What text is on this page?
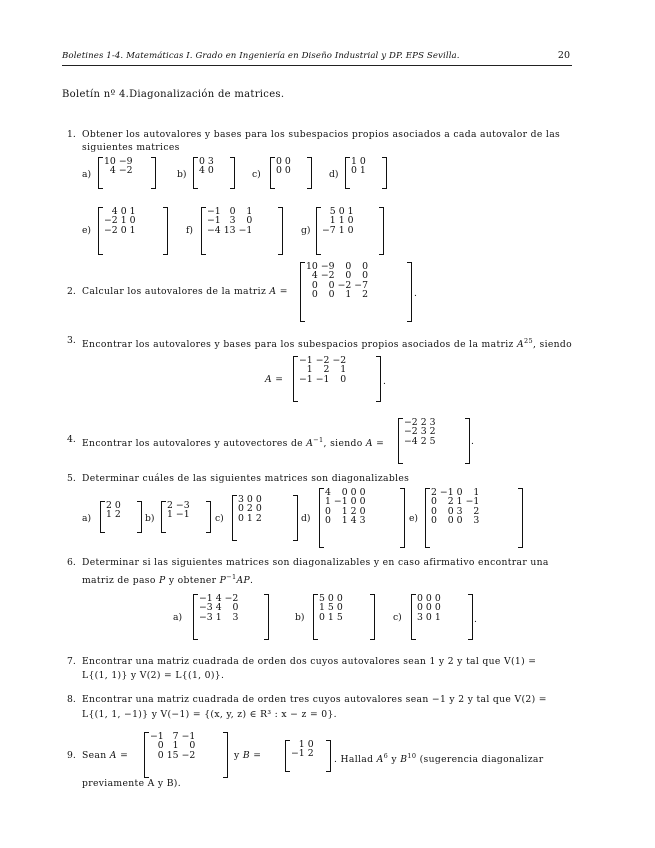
Boletines 1-4. Matemáticas I. Grado en Ingeniería en Diseño Industrial y DP. EPS Sevilla.	20
Boletín nº 4.Diagonalización de matrices.
1. Obtener los autovalores y bases para los subespacios propios asociados a cada autovalor de las
siguientes matrices
a)
10	−9
4	−2	b)
0	3
4	0	c)
0	0
0	0	d)
1	0
0	1
e)
4	0	1
−2	1	0
−2	0	1	f)
−1	0	1
−1	3	0
−4	13	−1	g)
5	0	1
1	1	0
−7	1	0
2. Calcular los autovalores de la matriz A =
10	−9	0	0
4	−2	0	0
0	0	−2	−7
0	0	1	2	.
3. Encontrar los autovalores y bases para los subespacios propios asociados de la matriz $A^{25}$, siendo
A =
−1	−2	−2
1	2	1
−1	−1	0	.
4. Encontrar los autovalores y autovectores de $A^{-1}$, siendo A =
−2	2	3
−2	3	2
−4	2	5	.
5. Determinar cuáles de las siguientes matrices son diagonalizables
a)
2	0
1	2	b)
2	−3
1	−1	c)
3	0	0
0	2	0
0	1	2	d)
4	0	0	0
1	−1	0	0
0	1	2	0
0	1	4	3	e)
2	−1	0	1
0	2	1	−1
0	0	3	2
0	0	0	3
6. Determinar si las siguientes matrices son diagonalizables y en caso afirmativo encontrar una
matriz de paso P y obtener $P^{-1}AP$.
a)
−1	4	−2
−3	4	0
−3	1	3	b)
5	0	0
1	5	0
0	1	5	c)
0	0	0
0	0	0
3	0	1	.
7. Encontrar una matriz cuadrada de orden dos cuyos autovalores sean 1 y 2 y tal que V(1) =
L{(1, 1)} y V(2) = L{(1, 0)}.
8. Encontrar una matriz cuadrada de orden tres cuyos autovalores sean −1 y 2 y tal que V(2) =
L{(1, 1, −1)} y V(−1) = {(x, y, z) ∈ R³ : x − z = 0}.
9. Sean A =
−1	7	−1
0	1	0
0	15	−2	y B =
1	0
−1	2
. Hallad $A^6$ y $B^{10}$ (sugerencia diagonalizar
previamente A y B).
